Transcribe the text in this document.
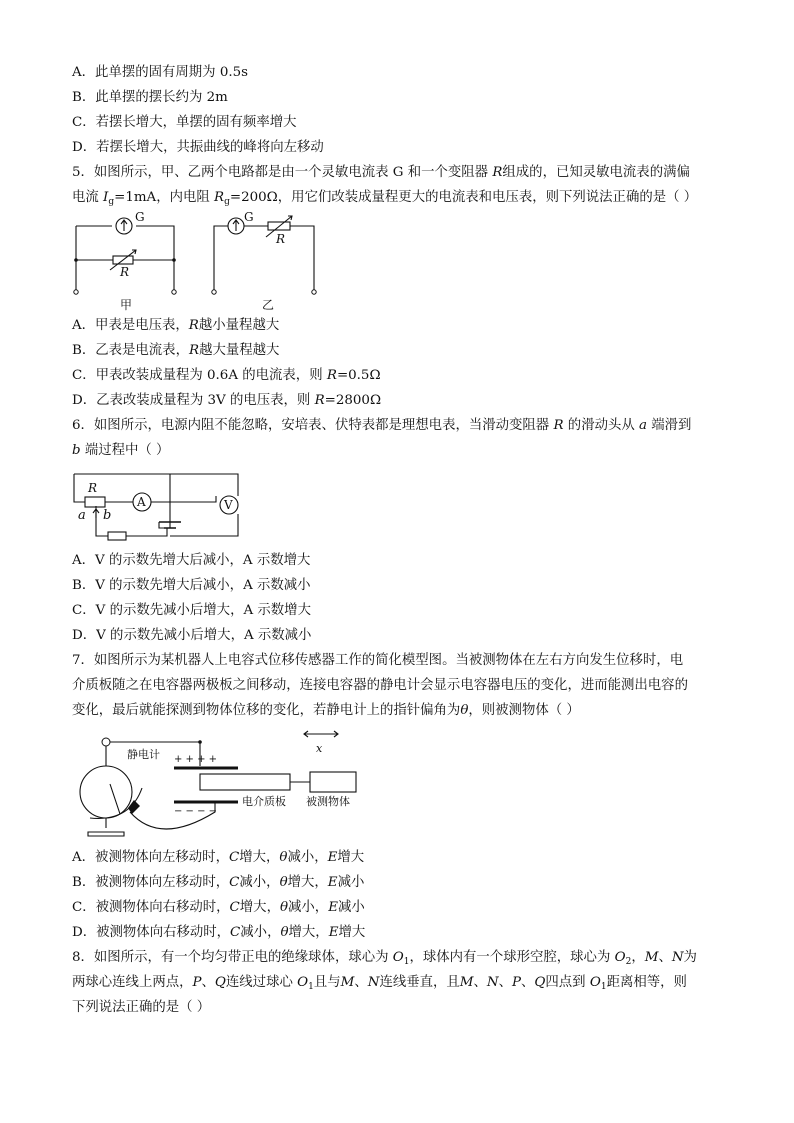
A．此单摆的固有周期为 0.5s
B．此单摆的摆长约为 2m
C．若摆长增大，单摆的固有频率增大
D．若摆长增大，共振曲线的峰将向左移动
5．如图所示，甲、乙两个电路都是由一个灵敏电流表 G 和一个变阻器 R组成的，已知灵敏电流表的满偏
电流 $I_g=1mA$，内电阻 $R_g=200\Omega$，用它们改装成量程更大的电流表和电压表，则下列说法正确的是（ ）
G
R
甲
G
R
乙
A．甲表是电压表，R越小量程越大
B．乙表是电流表，R越大量程越大
C．甲表改装成量程为 0.6A 的电流表，则 R=0.5Ω
D．乙表改装成量程为 3V 的电压表，则 R=2800Ω
6．如图所示，电源内阻不能忽略，安培表、伏特表都是理想电表，当滑动变阻器 R 的滑动头从 a 端滑到
b 端过程中（ ）
R
A	V
a b
A．V 的示数先增大后减小，A 示数增大
B．V 的示数先增大后减小，A 示数减小
C．V 的示数先减小后增大，A 示数增大
D．V 的示数先减小后增大，A 示数减小
7．如图所示为某机器人上电容式位移传感器工作的简化模型图。当被测物体在左右方向发生位移时，电
介质板随之在电容器两极板之间移动，连接电容器的静电计会显示电容器电压的变化，进而能测出电容的
变化，最后就能探测到物体位移的变化，若静电计上的指针偏角为θ，则被测物体（ ）
静电计 + + + +
− − − −
电介质板 被测物体
x
A．被测物体向左移动时，C增大，θ减小，E增大
B．被测物体向左移动时，C减小，θ增大，E减小
C．被测物体向右移动时，C增大，θ减小，E减小
D．被测物体向右移动时，C减小，θ增大，E增大
8．如图所示，有一个均匀带正电的绝缘球体，球心为 $O_1$，球体内有一个球形空腔，球心为 $O_2$，M、N为
两球心连线上两点，P、Q连线过球心 $O_1$且与M、N连线垂直，且M、N、P、Q四点到 $O_1$距离相等，则
下列说法正确的是（ ）
